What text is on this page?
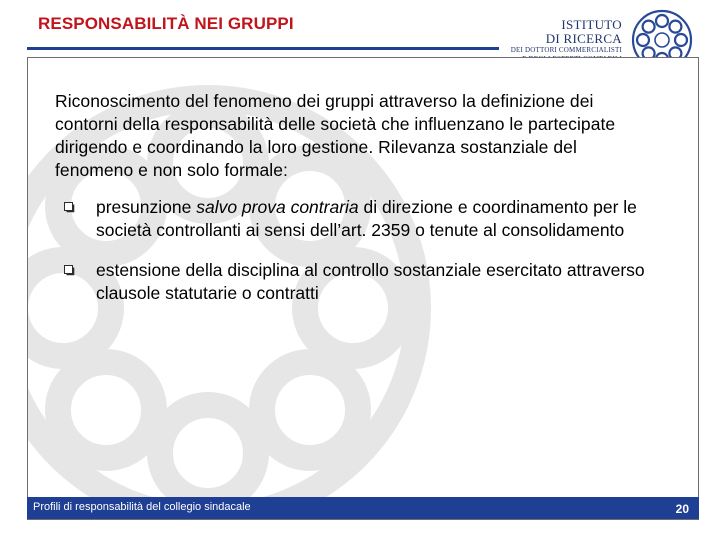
RESPONSABILITÀ NEI GRUPPI	ISTITUTO
DI RICERCA
DEI DOTTORI COMMERCIALISTI

Riconoscimento del fenomeno dei gruppi attraverso la definizione dei contorni della responsabilità delle società che influenzano le partecipate dirigendo e coordinando la loro gestione. Rilevanza sostanziale del fenomeno e non solo formale:

presunzione salvo prova contraria di direzione e coordinamento per le società controllanti ai sensi dell’art. 2359 o tenute al consolidamento
estensione della disciplina al controllo sostanziale esercitato attraverso clausole statutarie o contratti
Profili di responsabilità del collegio sindacale	20
